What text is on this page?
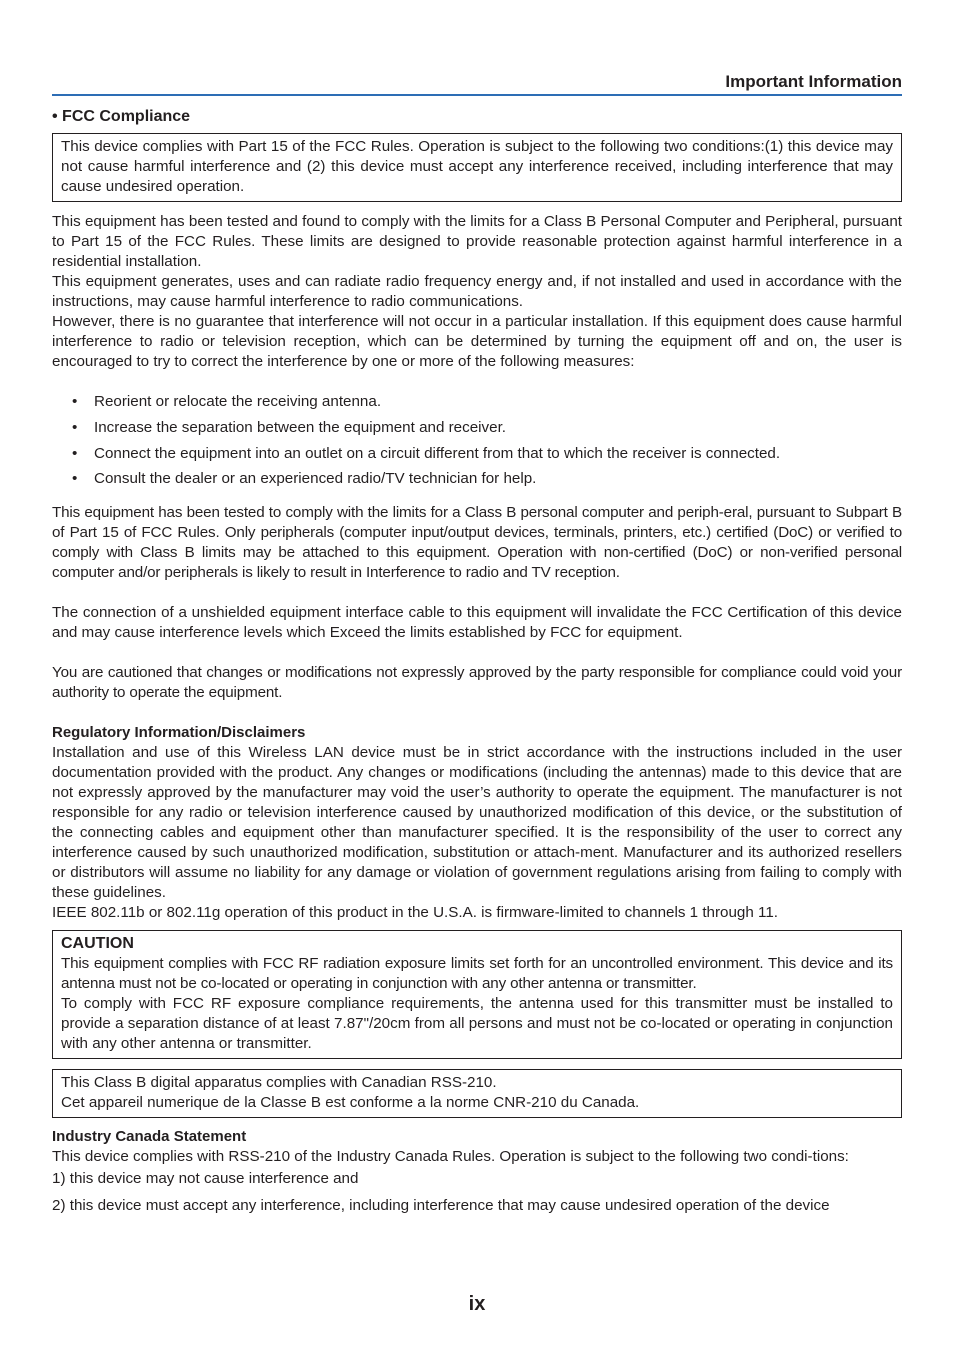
Important Information
• FCC Compliance

This device complies with Part 15 of the FCC Rules. Operation is subject to the following two conditions:(1) this device may not cause harmful interference and (2) this device must accept any interference received, including interference that may cause undesired operation.

This equipment has been tested and found to comply with the limits for a Class B Personal Computer and Peripheral, pursuant to Part 15 of the FCC Rules. These limits are designed to provide reasonable protection against harmful interference in a residential installation.

This equipment generates, uses and can radiate radio frequency energy and, if not installed and used in accordance with the instructions, may cause harmful interference to radio communications.

However, there is no guarantee that interference will not occur in a particular installation. If this equipment does cause harmful interference to radio or television reception, which can be determined by turning the equipment off and on, the user is encouraged to try to correct the interference by one or more of the following measures:

• Reorient or relocate the receiving antenna.
• Increase the separation between the equipment and receiver.
• Connect the equipment into an outlet on a circuit different from that to which the receiver is connected.
• Consult the dealer or an experienced radio/TV technician for help.

This equipment has been tested to comply with the limits for a Class B personal computer and periph-eral, pursuant to Subpart B of Part 15 of FCC Rules. Only peripherals (computer input/output devices, terminals, printers, etc.) certified (DoC) or verified to comply with Class B limits may be attached to this equipment. Operation with non-certified (DoC) or non-verified personal computer and/or peripherals is likely to result in Interference to radio and TV reception.

The connection of a unshielded equipment interface cable to this equipment will invalidate the FCC Certification of this device and may cause interference levels which Exceed the limits established by FCC for equipment.

You are cautioned that changes or modifications not expressly approved by the party responsible for compliance could void your authority to operate the equipment.

Regulatory Information/Disclaimers

Installation and use of this Wireless LAN device must be in strict accordance with the instructions included in the user documentation provided with the product. Any changes or modifications (including the antennas) made to this device that are not expressly approved by the manufacturer may void the user’s authority to operate the equipment. The manufacturer is not responsible for any radio or television interference caused by unauthorized modification of this device, or the substitution of the connecting cables and equipment other than manufacturer specified. It is the responsibility of the user to correct any interference caused by such unauthorized modification, substitution or attach-ment. Manufacturer and its authorized resellers or distributors will assume no liability for any damage or violation of government regulations arising from failing to comply with these guidelines.

IEEE 802.11b or 802.11g operation of this product in the U.S.A. is firmware-limited to channels 1 through 11.

CAUTION

This equipment complies with FCC RF radiation exposure limits set forth for an uncontrolled environment. This device and its antenna must not be co-located or operating in conjunction with any other antenna or transmitter.

To comply with FCC RF exposure compliance requirements, the antenna used for this transmitter must be installed to provide a separation distance of at least 7.87"/20cm from all persons and must not be co-located or operating in conjunction with any other antenna or transmitter.

This Class B digital apparatus complies with Canadian RSS-210.

Cet appareil numerique de la Classe B est conforme a la norme CNR-210 du Canada.

Industry Canada Statement

This device complies with RSS-210 of the Industry Canada Rules. Operation is subject to the following two condi-tions:

1) this device may not cause interference and

2) this device must accept any interference, including interference that may cause undesired operation of the device

ix
